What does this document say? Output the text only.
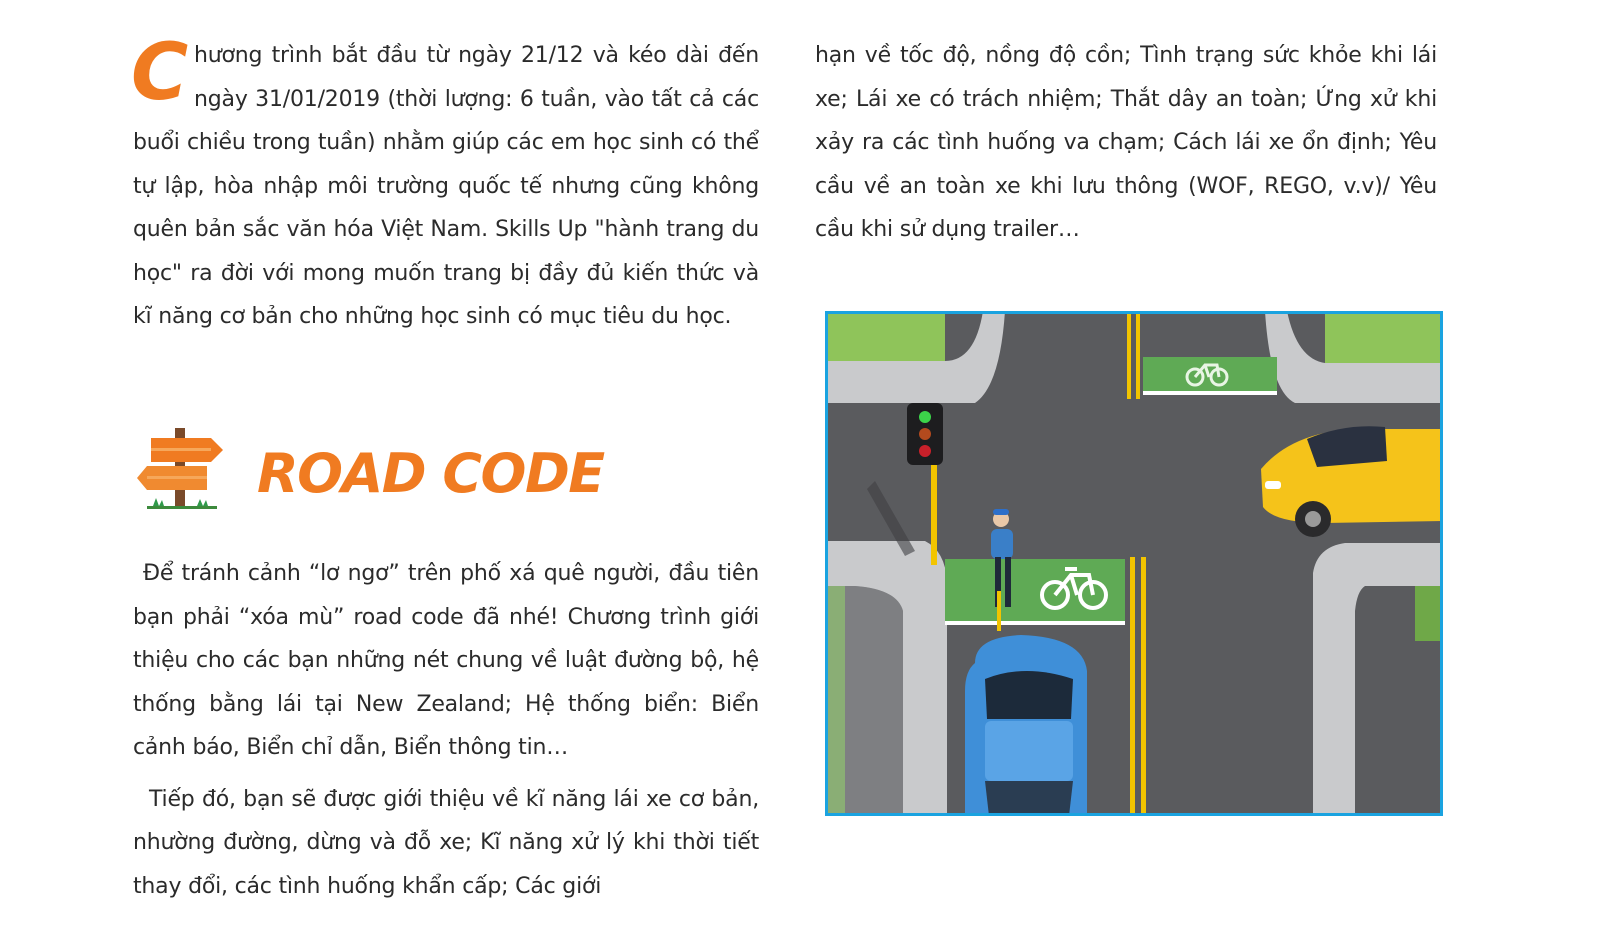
Chương trình bắt đầu từ ngày 21/12 và kéo dài đến ngày 31/01/2019 (thời lượng: 6 tuần, vào tất cả các buổi chiều trong tuần) nhằm giúp các em học sinh có thể tự lập, hòa nhập môi trường quốc tế nhưng cũng không quên bản sắc văn hóa Việt Nam. Skills Up "hành trang du học" ra đời với mong muốn trang bị đầy đủ kiến thức và kĩ năng cơ bản cho những học sinh có mục tiêu du học.

ROAD CODE

Để tránh cảnh “lơ ngơ” trên phố xá quê người, đầu tiên bạn phải “xóa mù” road code đã nhé! Chương trình giới thiệu cho các bạn những nét chung về luật đường bộ, hệ thống bằng lái tại New Zealand; Hệ thống biển: Biển cảnh báo, Biển chỉ dẫn, Biển thông tin…

Tiếp đó, bạn sẽ được giới thiệu về kĩ năng lái xe cơ bản, nhường đường, dừng và đỗ xe; Kĩ năng xử lý khi thời tiết thay đổi, các tình huống khẩn cấp; Các giới

hạn về tốc độ, nồng độ cồn; Tình trạng sức khỏe khi lái xe; Lái xe có trách nhiệm; Thắt dây an toàn; Ứng xử khi xảy ra các tình huống va chạm; Cách lái xe ổn định; Yêu cầu về an toàn xe khi lưu thông (WOF, REGO, v.v)/ Yêu cầu khi sử dụng trailer…
